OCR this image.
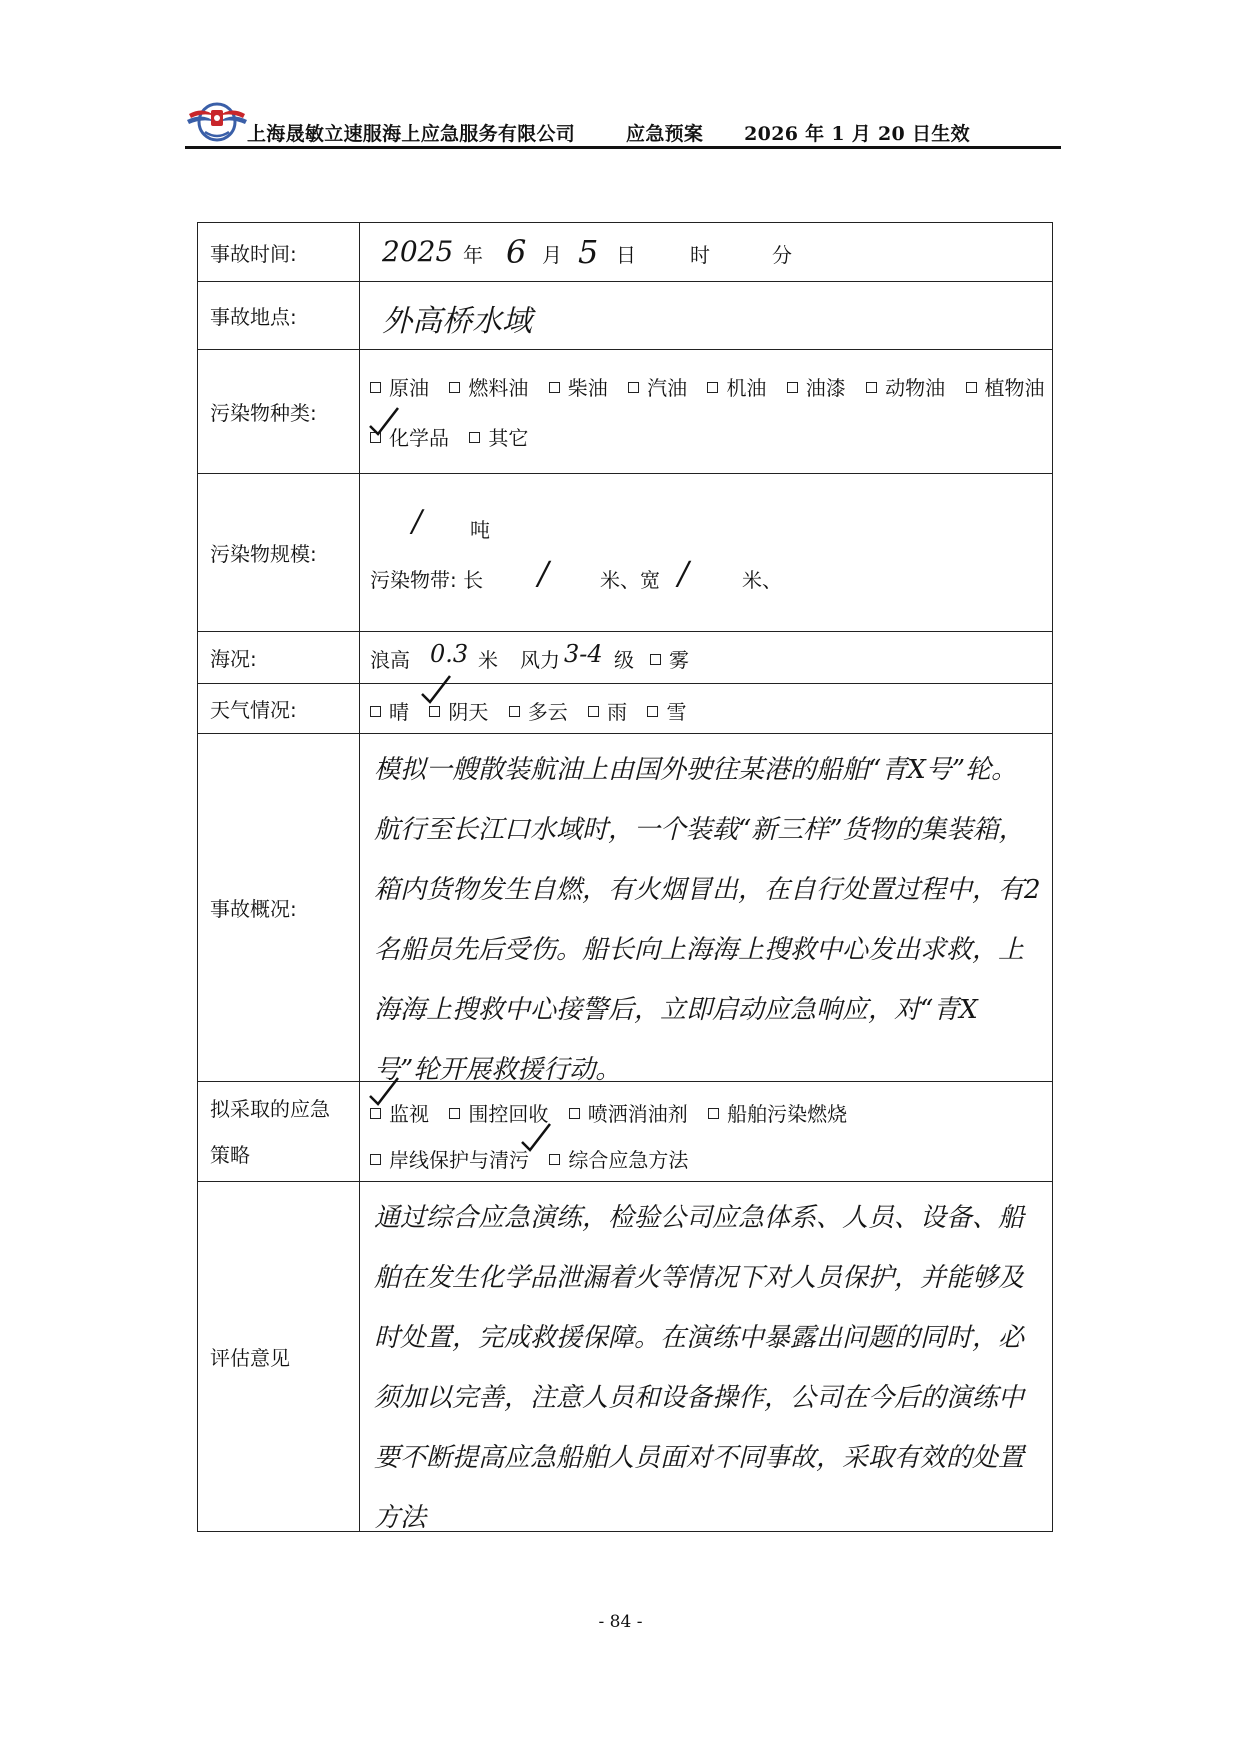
上海晟敏立速服海上应急服务有限公司	应急预案 2026 年 1 月 20 日生效
事故时间:	2025 年 6 月 5 日	时	分
事故地点:	外高桥水域
污染物种类:
原油 燃料油 柴油 汽油 机油 油漆 动物油 植物油
化学品 其它
污染物规模:
/ 吨
污染物带: 长 /	米、宽 /	米、
海况:	浪高 0.3 米 风力 3-4 级	雾
天气情况:	晴 阴天 多云 雨 雪
事故概况:
模拟一艘散装航油上由国外驶往某港的船舶“青X号”轮。航行至长江口水域时，一个装载“新三样”货物的集装箱，箱内货物发生自燃，有火烟冒出，在自行处置过程中，有2名船员先后受伤。船长向上海海上搜救中心发出求救，上海海上搜救中心接警后，立即启动应急响应，对“青X号”轮开展救援行动。
拟采取的应急
策略
监视 围控回收 喷洒消油剂 船舶污染燃烧
岸线保护与清污 综合应急方法
评估意见
通过综合应急演练，检验公司应急体系、人员、设备、船舶在发生化学品泄漏着火等情况下对人员保护，并能够及时处置，完成救援保障。在演练中暴露出问题的同时，必须加以完善，注意人员和设备操作，公司在今后的演练中要不断提高应急船舶人员面对不同事故，采取有效的处置方法
- 84 -
